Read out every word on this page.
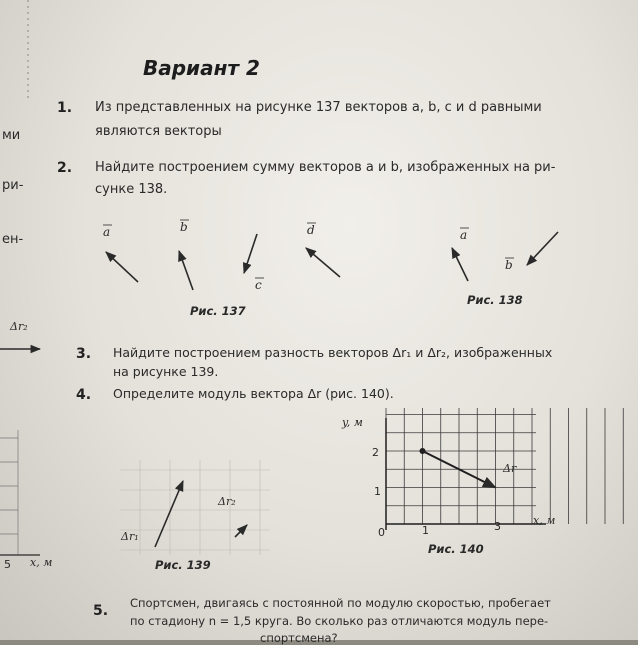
ми
ри-
ен-
Δr₂
5 x, м
Вариант 2
1. Из представленных на рисунке 137 векторов a, b, c и d равными
являются векторы
2. Найдите построением сумму векторов a и b, изображенных на ри-
сунке 138.
a	b
c
d
Рис. 137
a
b
Рис. 138
3. Найдите построением разность векторов Δr₁ и Δr₂, изображенных
на рисунке 139.
4. Определите модуль вектора Δr (рис. 140).
Δr₁
Δr₂
Рис. 139
y, м
x, м
2
1
0	1	3
Δr
Рис. 140
5. Спортсмен, двигаясь с постоянной по модулю скоростью, пробегает
по стадиону n = 1,5 круга. Во сколько раз отличаются модуль пере-
спортсмена?
